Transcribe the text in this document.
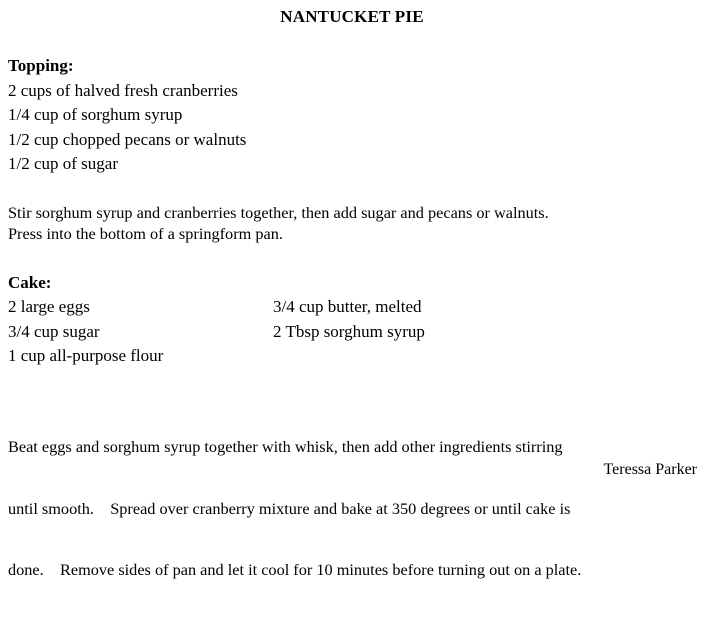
NANTUCKET PIE
Topping:
2 cups of halved fresh cranberries
1/4 cup of sorghum syrup
1/2 cup chopped pecans or walnuts
1/2 cup of sugar
Stir sorghum syrup and cranberries together, then add sugar and pecans or walnuts.
Press into the bottom of a springform pan.
Cake:
2 large eggs
3/4 cup sugar
1 cup all-purpose flour
3/4 cup butter, melted
2 Tbsp sorghum syrup

Beat eggs and sorghum syrup together with whisk, then add other ingredients stirring

until smooth.    Spread over cranberry mixture and bake at 350 degrees or until cake is

done.    Remove sides of pan and let it cool for 10 minutes before turning out on a plate.

Teressa Parker
